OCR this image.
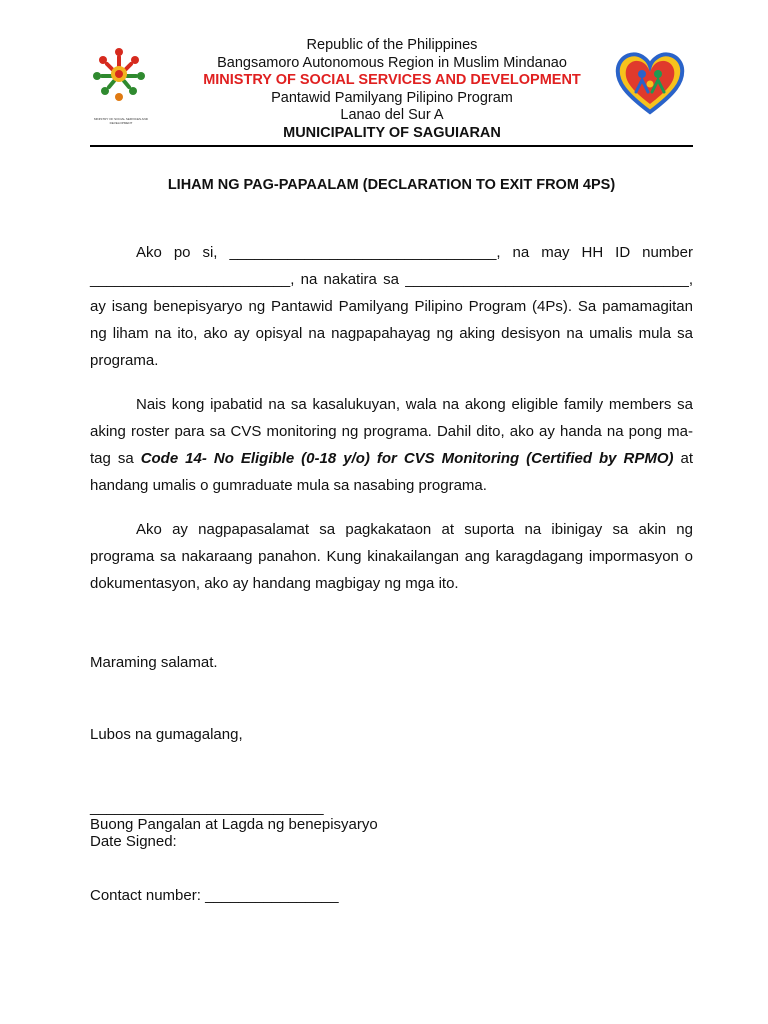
MINISTRY OF SOCIAL SERVICES AND DEVELOPMENT
Republic of the Philippines
Bangsamoro Autonomous Region in Muslim Mindanao
MINISTRY OF SOCIAL SERVICES AND DEVELOPMENT
Pantawid Pamilyang Pilipino Program
Lanao del Sur A
MUNICIPALITY OF SAGUIARAN
LIHAM NG PAG-PAPAALAM (DECLARATION TO EXIT FROM 4PS)

Ako po si, ________________________________, na may HH ID number ________________________, na nakatira sa __________________________________, ay isang benepisyaryo ng Pantawid Pamilyang Pilipino Program (4Ps). Sa pamamagitan ng liham na ito, ako ay opisyal na nagpapahayag ng aking desisyon na umalis mula sa programa.

Nais kong ipabatid na sa kasalukuyan, wala na akong eligible family members sa aking roster para sa CVS monitoring ng programa. Dahil dito, ako ay handa na pong ma-tag sa Code 14- No Eligible (0-18 y/o) for CVS Monitoring (Certified by RPMO) at handang umalis o gumraduate mula sa nasabing programa.

Ako ay nagpapasalamat sa pagkakataon at suporta na ibinigay sa akin ng programa sa nakaraang panahon. Kung kinakailangan ang karagdagang impormasyon o dokumentasyon, ako ay handang magbigay ng mga ito.

Maraming salamat.
Lubos na gumagalang,
____________________________
Buong Pangalan at Lagda ng benepisyaryo
Date Signed:
Contact number: ________________
